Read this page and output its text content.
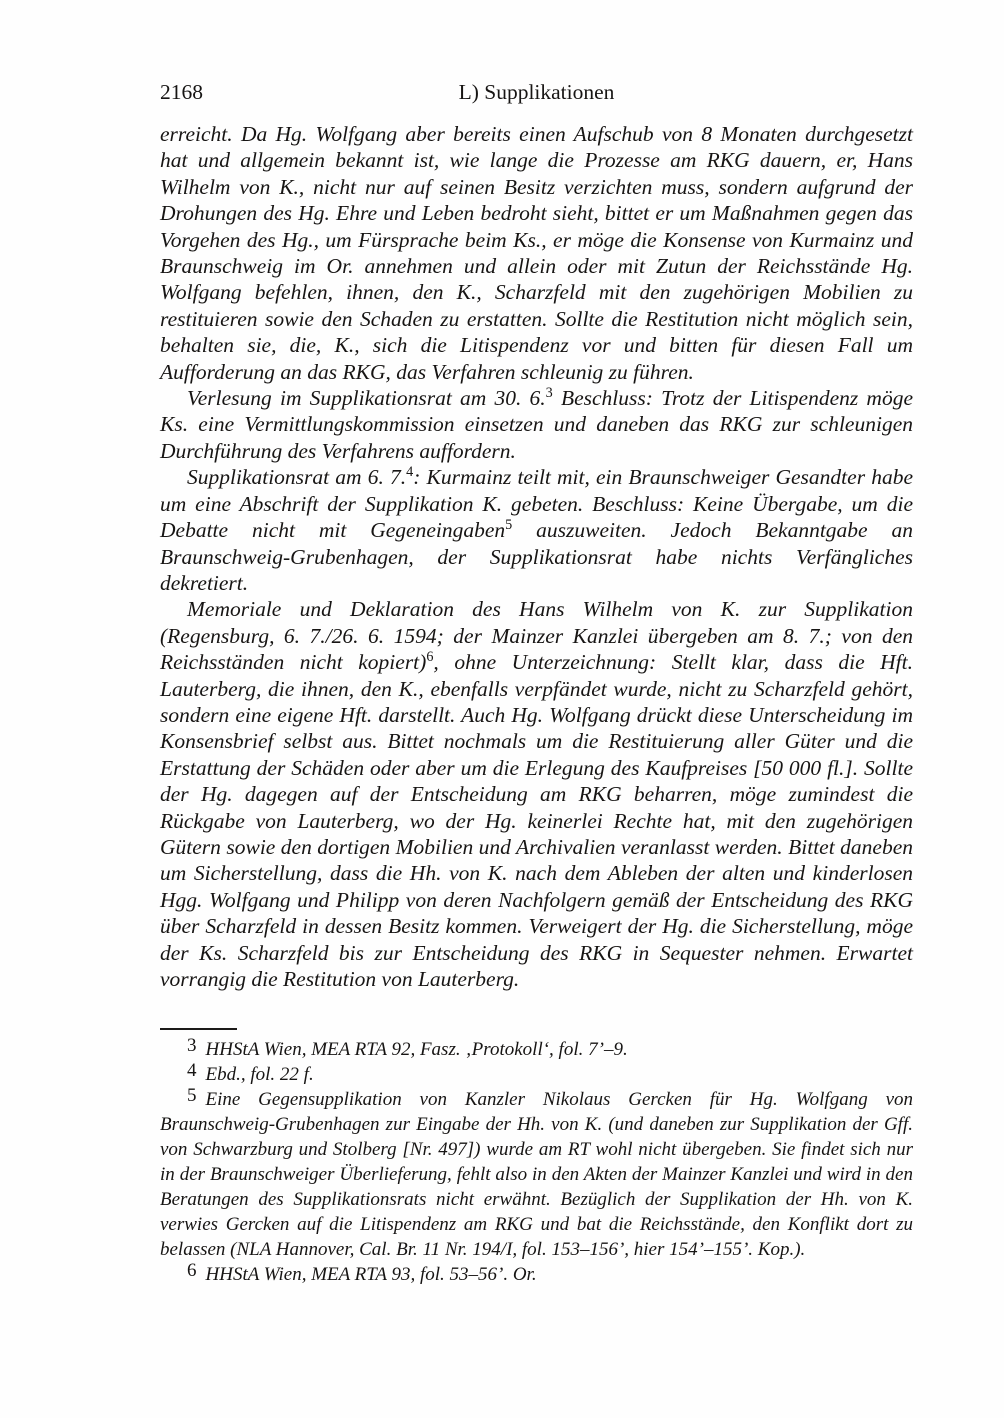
2168	L) Supplikationen

erreicht. Da Hg. Wolfgang aber bereits einen Aufschub von 8 Monaten durchgesetzt hat und allgemein bekannt ist, wie lange die Prozesse am RKG dauern, er, Hans Wilhelm von K., nicht nur auf seinen Besitz verzichten muss, sondern aufgrund der Drohungen des Hg. Ehre und Leben bedroht sieht, bittet er um Maßnahmen gegen das Vorgehen des Hg., um Fürsprache beim Ks., er möge die Konsense von Kurmainz und Braunschweig im Or. annehmen und allein oder mit Zutun der Reichsstände Hg. Wolfgang befehlen, ihnen, den K., Scharzfeld mit den zugehörigen Mobilien zu restituieren sowie den Schaden zu erstatten. Sollte die Restitution nicht möglich sein, behalten sie, die, K., sich die Litispendenz vor und bitten für diesen Fall um Aufforderung an das RKG, das Verfahren schleunig zu führen.

Verlesung im Supplikationsrat am 30. 6.$^3$ Beschluss: Trotz der Litispendenz möge Ks. eine Vermittlungskommission einsetzen und daneben das RKG zur schleunigen Durchführung des Verfahrens auffordern.

Supplikationsrat am 6. 7.$^4$: Kurmainz teilt mit, ein Braunschweiger Gesandter habe um eine Abschrift der Supplikation K. gebeten. Beschluss: Keine Übergabe, um die Debatte nicht mit Gegeneingaben$^5$ auszuweiten. Jedoch Bekanntgabe an Braunschweig-Grubenhagen, der Supplikationsrat habe nichts Verfängliches dekretiert.

Memoriale und Deklaration des Hans Wilhelm von K. zur Supplikation (Regensburg, 6. 7./26. 6. 1594; der Mainzer Kanzlei übergeben am 8. 7.; von den Reichsständen nicht kopiert)$^6$, ohne Unterzeichnung: Stellt klar, dass die Hft. Lauterberg, die ihnen, den K., ebenfalls verpfändet wurde, nicht zu Scharzfeld gehört, sondern eine eigene Hft. darstellt. Auch Hg. Wolfgang drückt diese Unterscheidung im Konsensbrief selbst aus. Bittet nochmals um die Restituierung aller Güter und die Erstattung der Schäden oder aber um die Erlegung des Kaufpreises [50 000 fl.]. Sollte der Hg. dagegen auf der Entscheidung am RKG beharren, möge zumindest die Rückgabe von Lauterberg, wo der Hg. keinerlei Rechte hat, mit den zugehörigen Gütern sowie den dortigen Mobilien und Archivalien veranlasst werden. Bittet daneben um Sicherstellung, dass die Hh. von K. nach dem Ableben der alten und kinderlosen Hgg. Wolfgang und Philipp von deren Nachfolgern gemäß der Entscheidung des RKG über Scharzfeld in dessen Besitz kommen. Verweigert der Hg. die Sicherstellung, möge der Ks. Scharzfeld bis zur Entscheidung des RKG in Sequester nehmen. Erwartet vorrangig die Restitution von Lauterberg.

3 HHStA Wien, MEA RTA 92, Fasz. ‚Protokoll‘, fol. 7’–9.

4 Ebd., fol. 22 f.

5 Eine Gegensupplikation von Kanzler Nikolaus Gercken für Hg. Wolfgang von Braunschweig-Grubenhagen zur Eingabe der Hh. von K. (und daneben zur Supplikation der Gff. von Schwarzburg und Stolberg [Nr. 497]) wurde am RT wohl nicht übergeben. Sie findet sich nur in der Braunschweiger Überlieferung, fehlt also in den Akten der Mainzer Kanzlei und wird in den Beratungen des Supplikationsrats nicht erwähnt. Bezüglich der Supplikation der Hh. von K. verwies Gercken auf die Litispendenz am RKG und bat die Reichsstände, den Konflikt dort zu belassen (NLA Hannover, Cal. Br. 11 Nr. 194/I, fol. 153–156’, hier 154’–155’. Kop.).

6 HHStA Wien, MEA RTA 93, fol. 53–56’. Or.
